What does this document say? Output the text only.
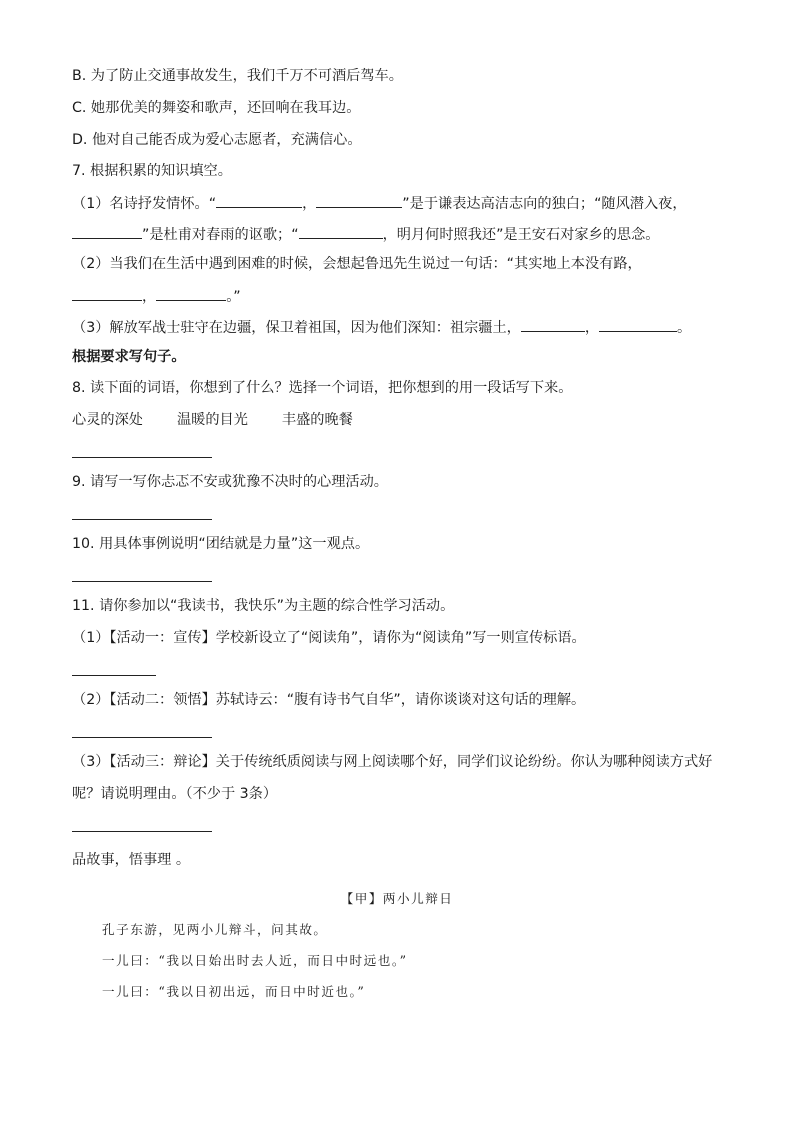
B. 为了防止交通事故发生，我们千万不可酒后驾车。
C. 她那优美的舞姿和歌声，还回响在我耳边。
D. 他对自己能否成为爱心志愿者，充满信心。
7. 根据积累的知识填空。
（1）名诗抒发情怀。“	，	”是于谦表达高洁志向的独白；“随风潜入夜，
”是杜甫对春雨的讴歌；“	，明月何时照我还”是王安石对家乡的思念。
（2）当我们在生活中遇到困难的时候，会想起鲁迅先生说过一句话：“其实地上本没有路，
，	。”
（3）解放军战士驻守在边疆，保卫着祖国，因为他们深知：祖宗疆土，	，	。
根据要求写句子。
8. 读下面的词语，你想到了什么？选择一个词语，把你想到的用一段话写下来。
心灵的深处 温暖的目光 丰盛的晚餐
9. 请写一写你忐忑不安或犹豫不决时的心理活动。
10. 用具体事例说明“团结就是力量”这一观点。
11. 请你参加以“我读书，我快乐”为主题的综合性学习活动。
（1）【活动一：宣传】学校新设立了“阅读角”，请你为“阅读角”写一则宣传标语。
（2）【活动二：领悟】苏轼诗云：“腹有诗书气自华”，请你谈谈对这句话的理解。
（3）【活动三：辩论】关于传统纸质阅读与网上阅读哪个好，同学们议论纷纷。你认为哪种阅读方式好
呢？请说明理由。（不少于 3条）
品故事，悟事理 。
【甲】两小儿辩日
孔子东游，见两小儿辩斗，问其故。
一儿曰：“我以日始出时去人近，而日中时远也。”
一儿曰：“我以日初出远，而日中时近也。”
